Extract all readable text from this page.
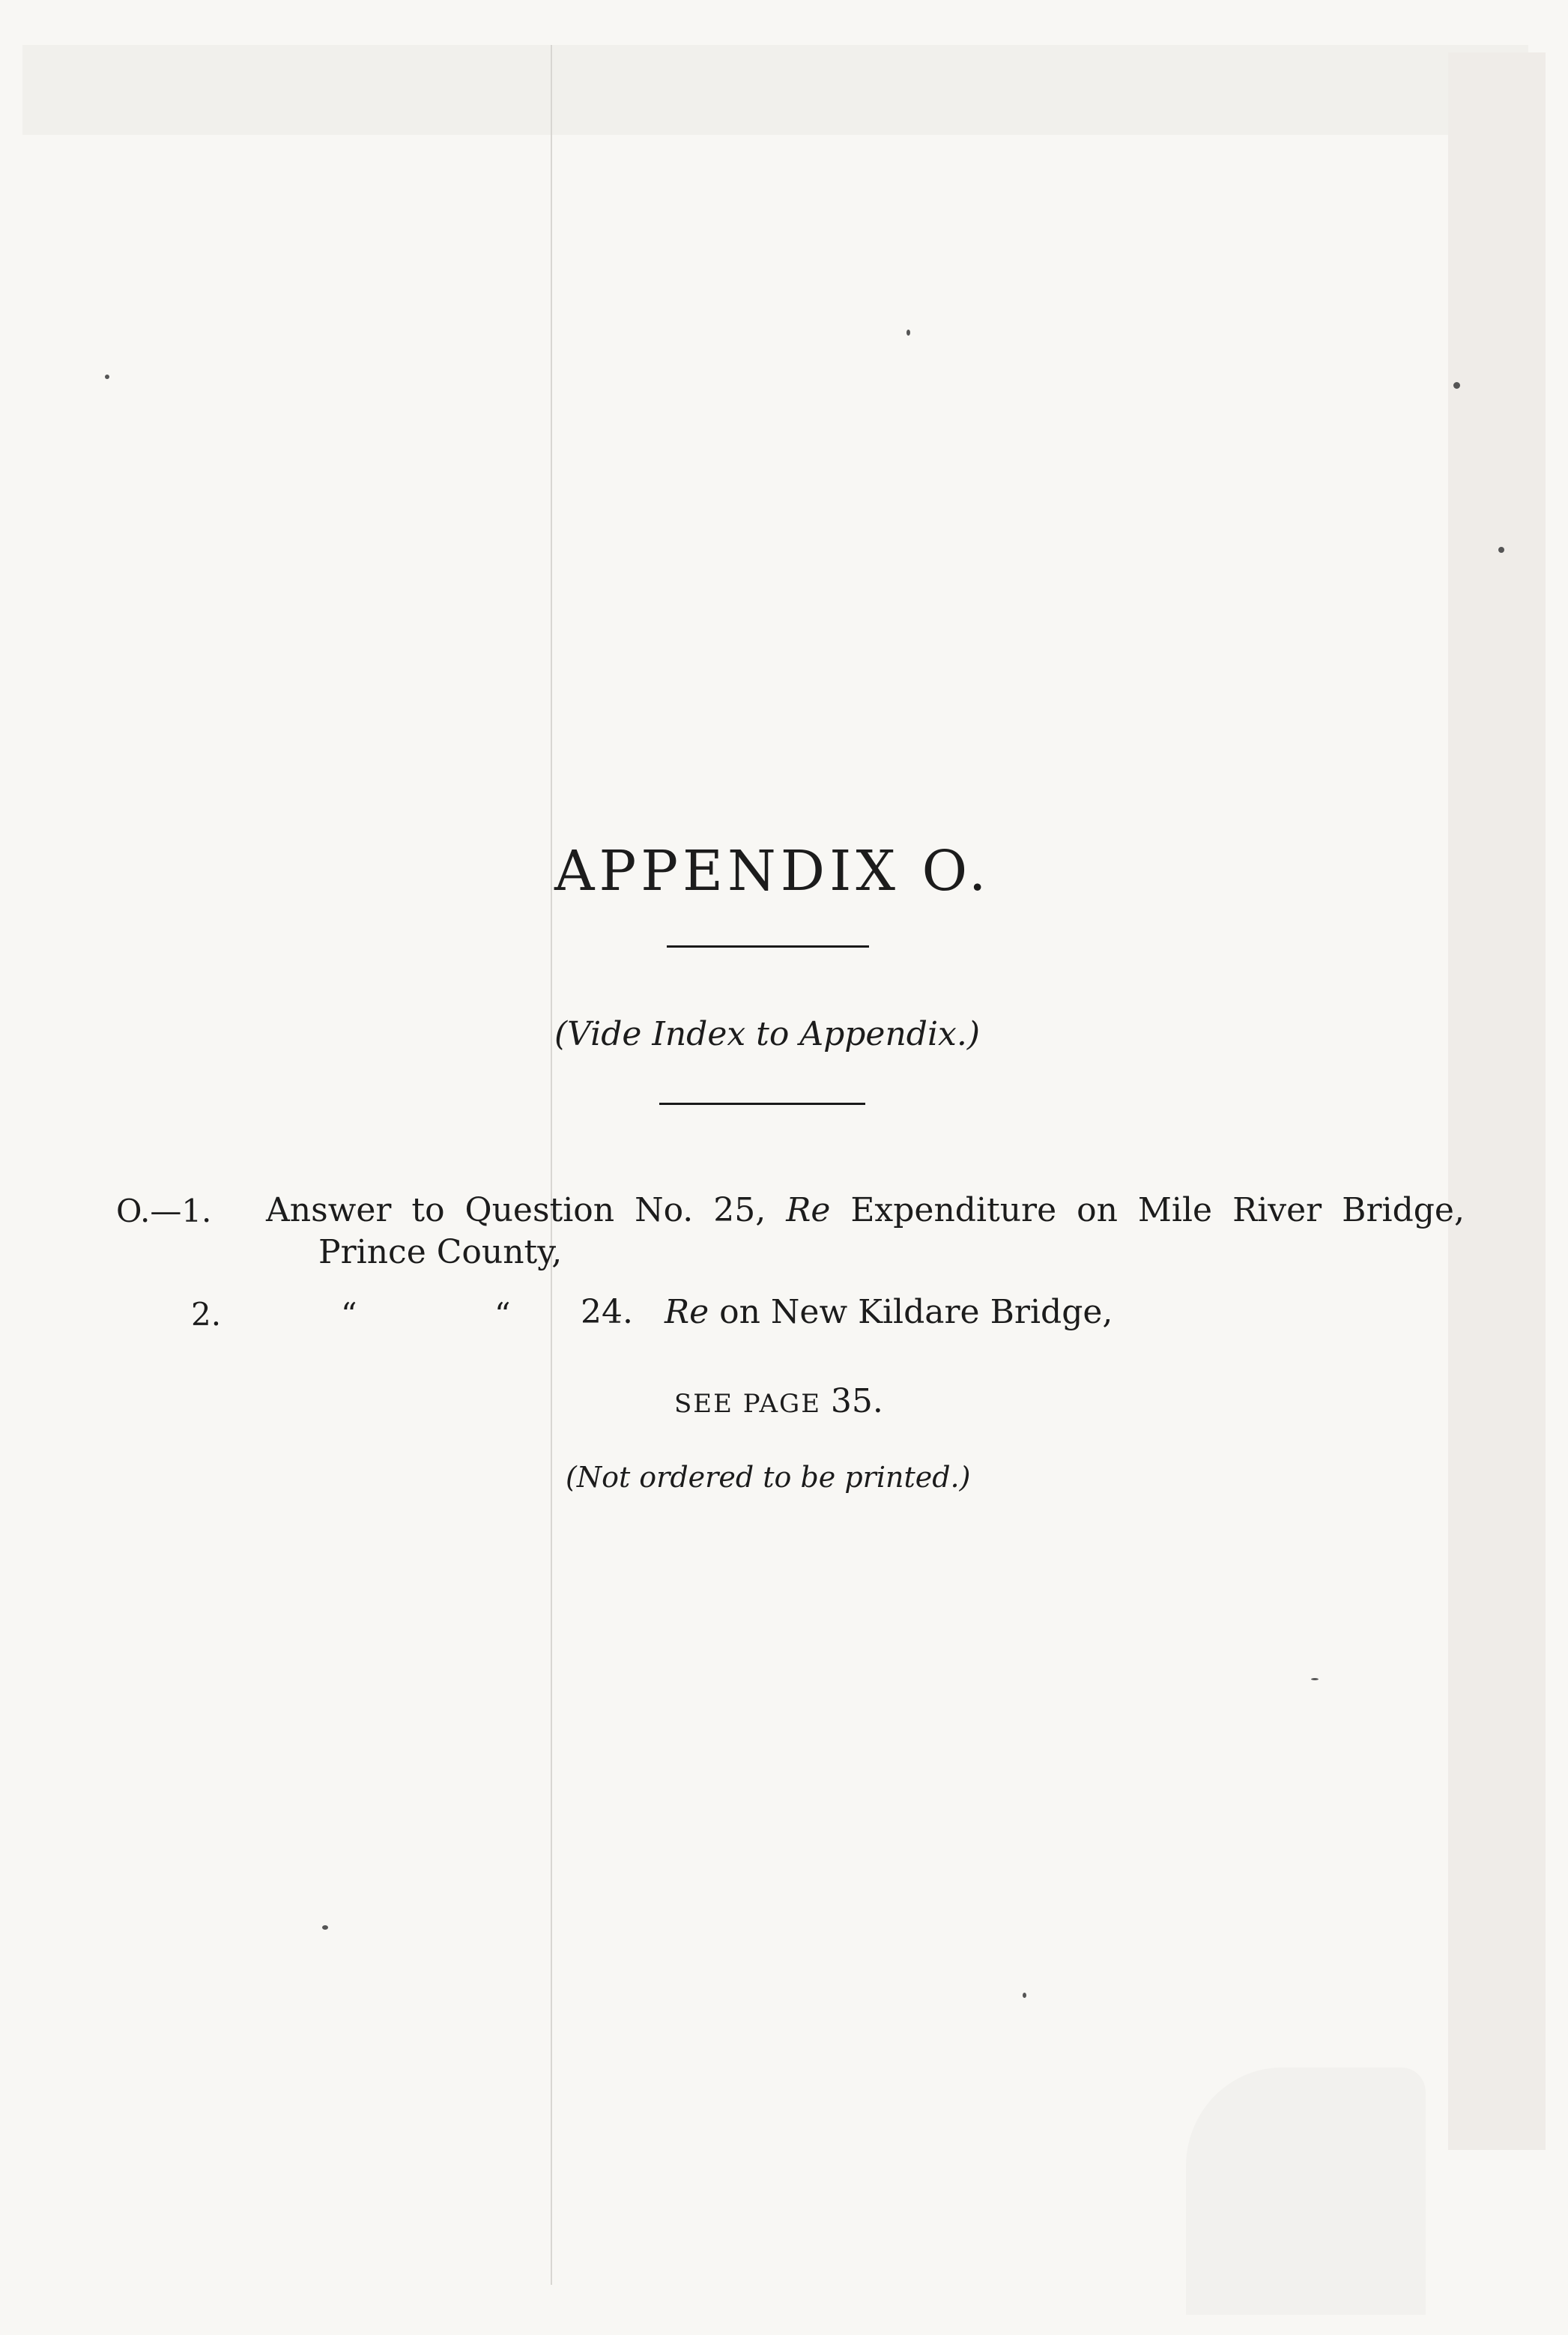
APPENDIX O.
(Vide Index to Appendix.)
O.—1. Answer to Question No. 25, Re Expenditure on Mile River Bridge,
Prince County,
2.	“	“ 24. Re on New Kildare Bridge,
SEE PAGE 35.
(Not ordered to be printed.)
